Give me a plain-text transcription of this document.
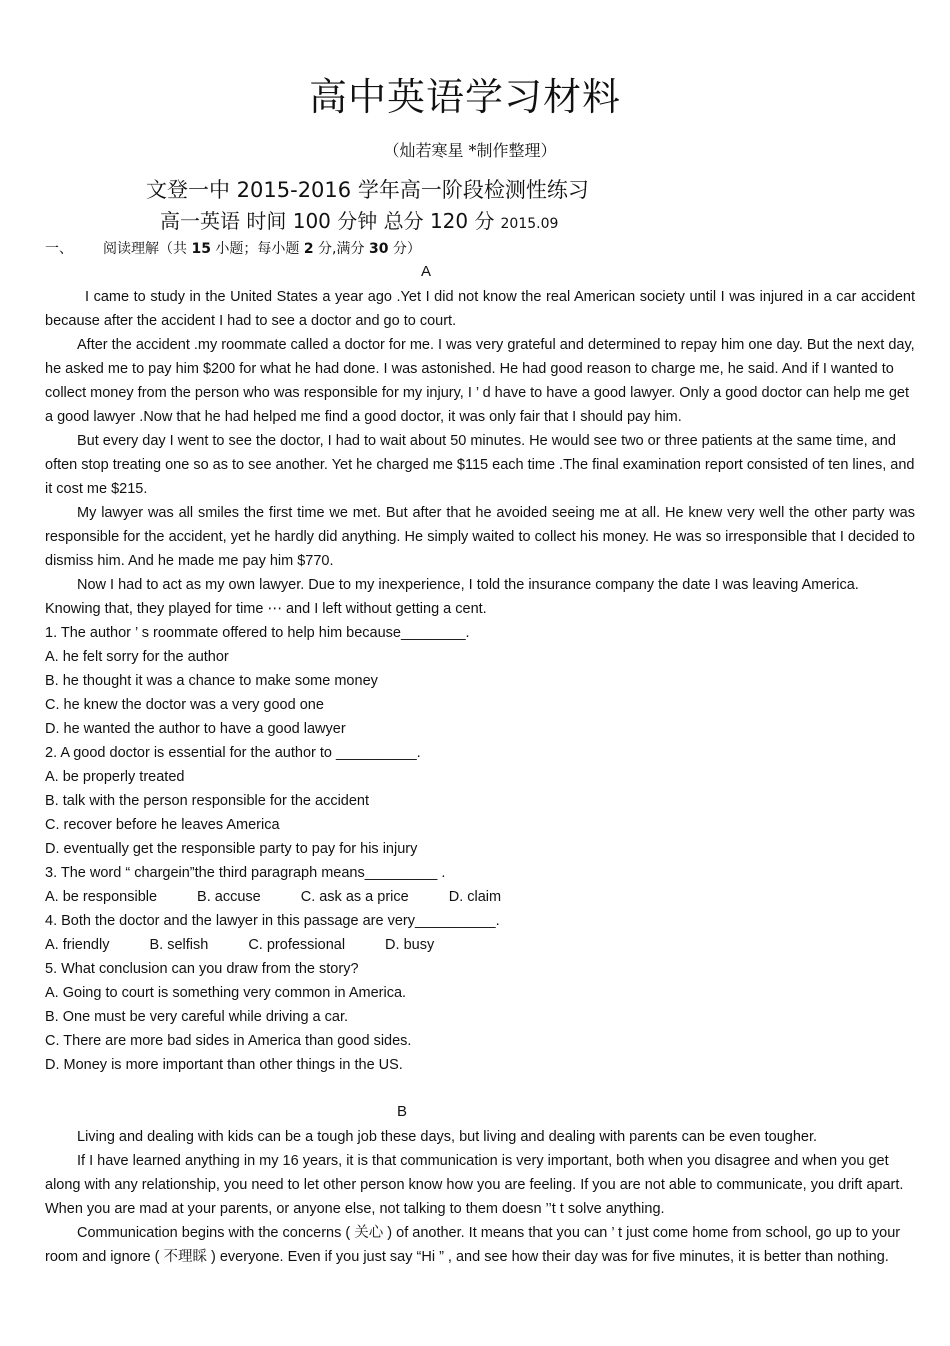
高中英语学习材料
（灿若寒星 *制作整理）
文登一中 2015-2016 学年高一阶段检测性练习
高一英语 时间 100 分钟 总分 120 分 2015.09
一、 阅读理解（共 15 小题；每小题 2 分,满分 30 分）
A

I came to study in the United States a year ago .Yet I did not know the real American society until I was injured in a car accident because after the accident I had to see a doctor and go to court.

After the accident .my roommate called a doctor for me. I was very grateful and determined to repay him one day. But the next day, he asked me to pay him $200 for what he had done. I was astonished. He had good reason to charge me, he said. And if I wanted to collect money from the person who was responsible for my injury, I ’ d have to have a good lawyer. Only a good doctor can help me get a good lawyer .Now that he had helped me find a good doctor, it was only fair that I should pay him.

But every day I went to see the doctor, I had to wait about 50 minutes. He would see two or three patients at the same time, and often stop treating one so as to see another. Yet he charged me $115 each time .The final examination report consisted of ten lines, and it cost me $215.

My lawyer was all smiles the first time we met. But after that he avoided seeing me at all. He knew very well the other party was responsible for the accident, yet he hardly did anything. He simply waited to collect his money. He was so irresponsible that I decided to dismiss him. And he made me pay him $770.

Now I had to act as my own lawyer. Due to my inexperience, I told the insurance company the date I was leaving America. Knowing that, they played for time ⋯ and I left without getting a cent.

1. The author ’ s roommate offered to help him because________.

A. he felt sorry for the author

B. he thought it was a chance to make some money

C. he knew the doctor was a very good one

D. he wanted the author to have a good lawyer

2. A good doctor is essential for the author to __________.

A. be properly treated

B. talk with the person responsible for the accident

C. recover before he leaves America

D. eventually get the responsible party to pay for his injury

3. The word “ chargein”the third paragraph means_________ .

A. be responsible	B. accuse	C. ask as a price	D. claim

4. Both the doctor and the lawyer in this passage are very__________.

A. friendly	B. selfish	C. professional	D. busy

5. What conclusion can you draw from the story?

A. Going to court is something very common in America.

B. One must be very careful while driving a car.

C. There are more bad sides in America than good sides.

D. Money is more important than other things in the US.

B

Living and dealing with kids can be a tough job these days, but living and dealing with parents can be even tougher.

If I have learned anything in my 16 years, it is that communication is very important, both when you disagree and when you get along with any relationship, you need to let other person know how you are feeling. If you are not able to communicate, you drift apart. When you are mad at your parents, or anyone else, not talking to them doesn ’’t t solve anything.

Communication begins with the concerns ( 关心 ) of another. It means that you can ’ t just come home from school, go up to your room and ignore ( 不理睬 ) everyone. Even if you just say “Hi ” , and see how their day was for five minutes, it is better than nothing.
